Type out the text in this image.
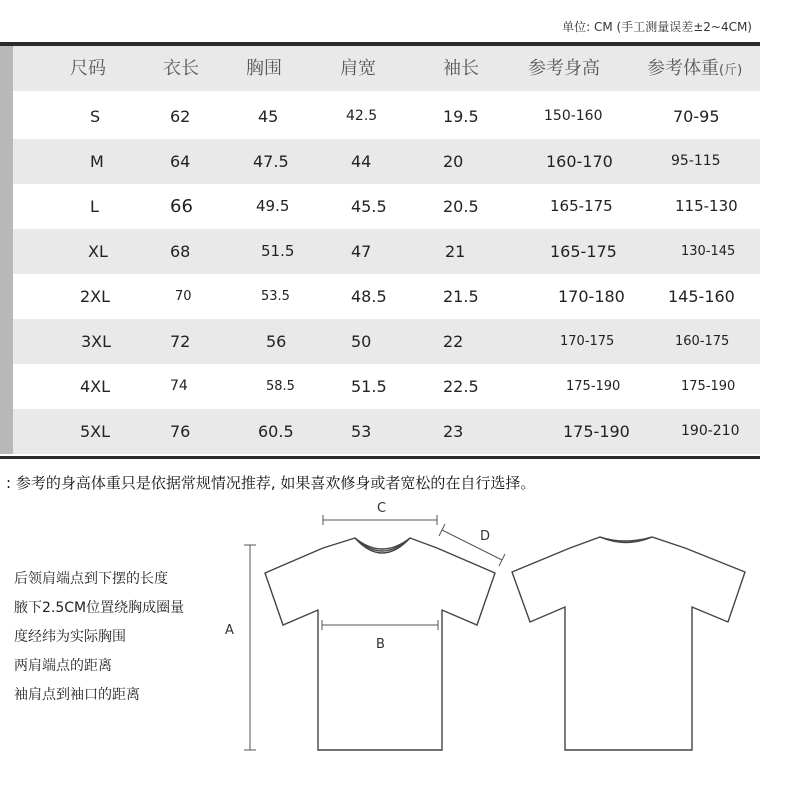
单位: CM (手工测量误差±2~4CM)
尺码	衣长	胸围	肩宽	袖长	参考身高	参考体重(斤)
S	62	45	42.5	19.5	150-160	70-95
M	64	47.5	44	20	160-170	95-115
L	66	49.5	45.5	20.5	165-175	115-130
XL	68	51.5	47	21	165-175	130-145
2XL	70	53.5	48.5	21.5	170-180	145-160
3XL	72	56	50	22	170-175	160-175
4XL	74	58.5	51.5	22.5	175-190	175-190
5XL	76	60.5	53	23	175-190	190-210
: 参考的身高体重只是依据常规情况推荐, 如果喜欢修身或者宽松的在自行选择。
后领肩端点到下摆的长度
腋下2.5CM位置绕胸成圈量
度经纬为实际胸围
两肩端点的距离
袖肩点到袖口的距离
A
C
B
D
